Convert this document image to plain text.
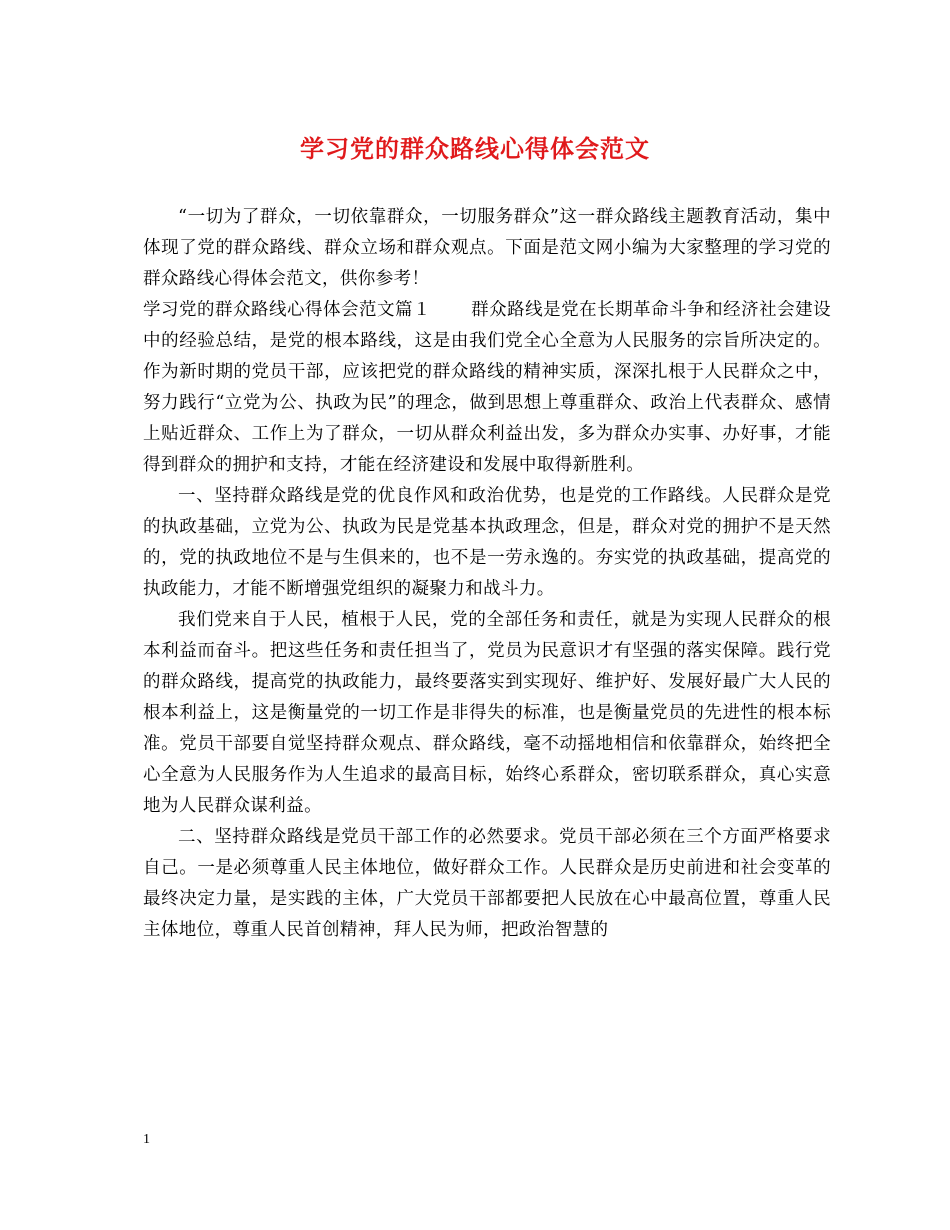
学习党的群众路线心得体会范文

“一切为了群众，一切依靠群众，一切服务群众”这一群众路线主题教育活动，集中体现了党的群众路线、群众立场和群众观点。下面是范文网小编为大家整理的学习党的群众路线心得体会范文，供你参考！

学习党的群众路线心得体会范文篇１ 群众路线是党在长期革命斗争和经济社会建设中的经验总结，是党的根本路线，这是由我们党全心全意为人民服务的宗旨所决定的。作为新时期的党员干部，应该把党的群众路线的精神实质，深深扎根于人民群众之中，努力践行“立党为公、执政为民”的理念，做到思想上尊重群众、政治上代表群众、感情上贴近群众、工作上为了群众，一切从群众利益出发，多为群众办实事、办好事，才能得到群众的拥护和支持，才能在经济建设和发展中取得新胜利。

一、坚持群众路线是党的优良作风和政治优势，也是党的工作路线。人民群众是党的执政基础，立党为公、执政为民是党基本执政理念，但是，群众对党的拥护不是天然的，党的执政地位不是与生俱来的，也不是一劳永逸的。夯实党的执政基础，提高党的执政能力，才能不断增强党组织的凝聚力和战斗力。

我们党来自于人民，植根于人民，党的全部任务和责任，就是为实现人民群众的根本利益而奋斗。把这些任务和责任担当了，党员为民意识才有坚强的落实保障。践行党的群众路线，提高党的执政能力，最终要落实到实现好、维护好、发展好最广大人民的根本利益上，这是衡量党的一切工作是非得失的标准，也是衡量党员的先进性的根本标准。党员干部要自觉坚持群众观点、群众路线，毫不动摇地相信和依靠群众，始终把全心全意为人民服务作为人生追求的最高目标，始终心系群众，密切联系群众，真心实意地为人民群众谋利益。

二、坚持群众路线是党员干部工作的必然要求。党员干部必须在三个方面严格要求自己。一是必须尊重人民主体地位，做好群众工作。人民群众是历史前进和社会变革的最终决定力量，是实践的主体，广大党员干部都要把人民放在心中最高位置，尊重人民主体地位，尊重人民首创精神，拜人民为师，把政治智慧的

1
